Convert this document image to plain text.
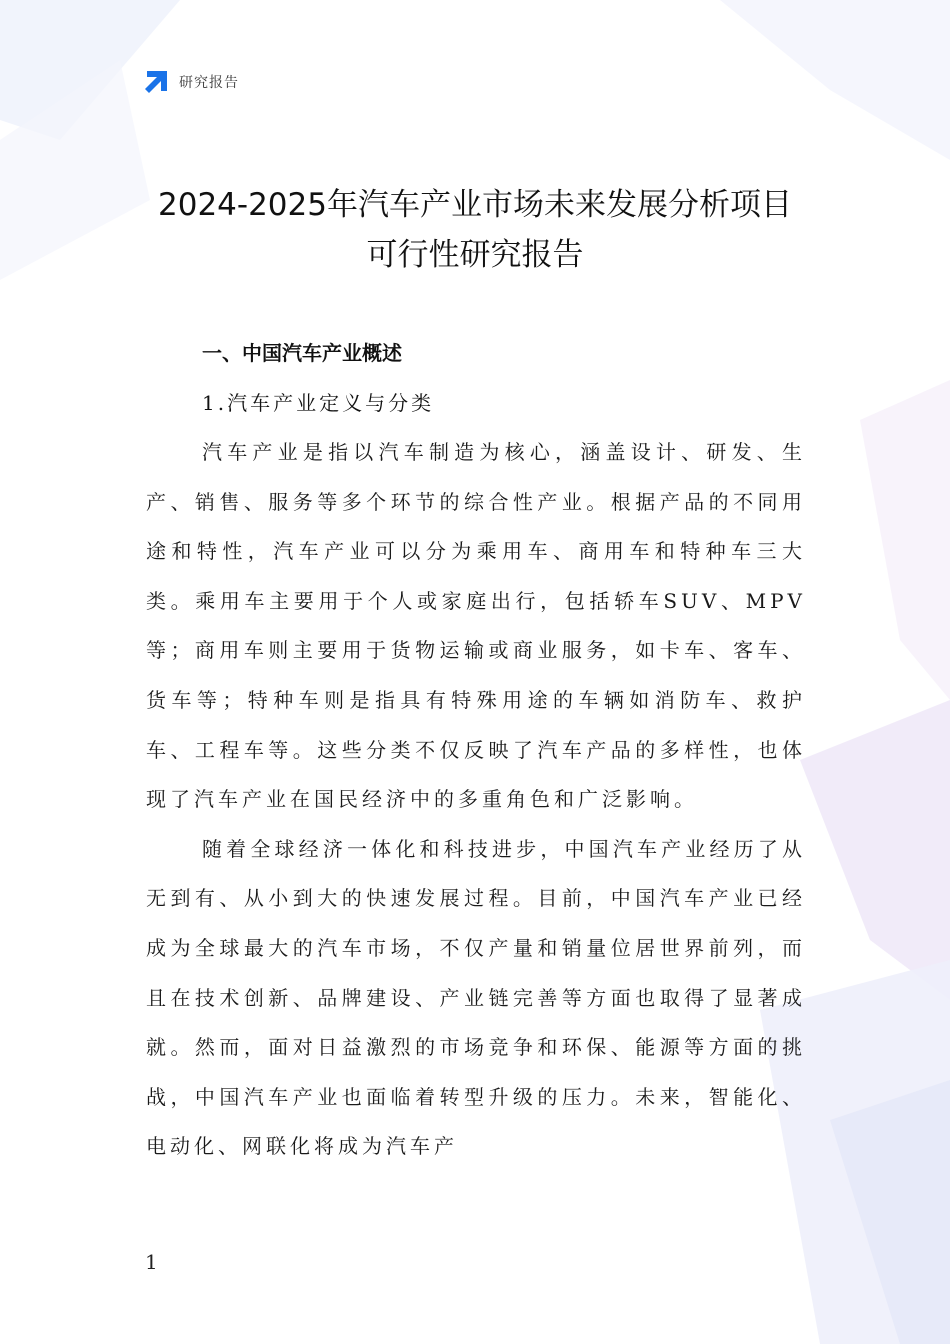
研究报告
2024-2025年汽车产业市场未来发展分析项目可行性研究报告
一、中国汽车产业概述
1.汽车产业定义与分类

汽车产业是指以汽车制造为核心，涵盖设计、研发、生产、销售、服务等多个环节的综合性产业。根据产品的不同用途和特性，汽车产业可以分为乘用车、商用车和特种车三大类。乘用车主要用于个人或家庭出行，包括轿车SUV、MPV等；商用车则主要用于货物运输或商业服务，如卡车、客车、货车等；特种车则是指具有特殊用途的车辆如消防车、救护车、工程车等。这些分类不仅反映了汽车产品的多样性，也体现了汽车产业在国民经济中的多重角色和广泛影响。

随着全球经济一体化和科技进步，中国汽车产业经历了从无到有、从小到大的快速发展过程。目前，中国汽车产业已经成为全球最大的汽车市场，不仅产量和销量位居世界前列，而且在技术创新、品牌建设、产业链完善等方面也取得了显著成就。然而，面对日益激烈的市场竞争和环保、能源等方面的挑战，中国汽车产业也面临着转型升级的压力。未来，智能化、电动化、网联化将成为汽车产

1
